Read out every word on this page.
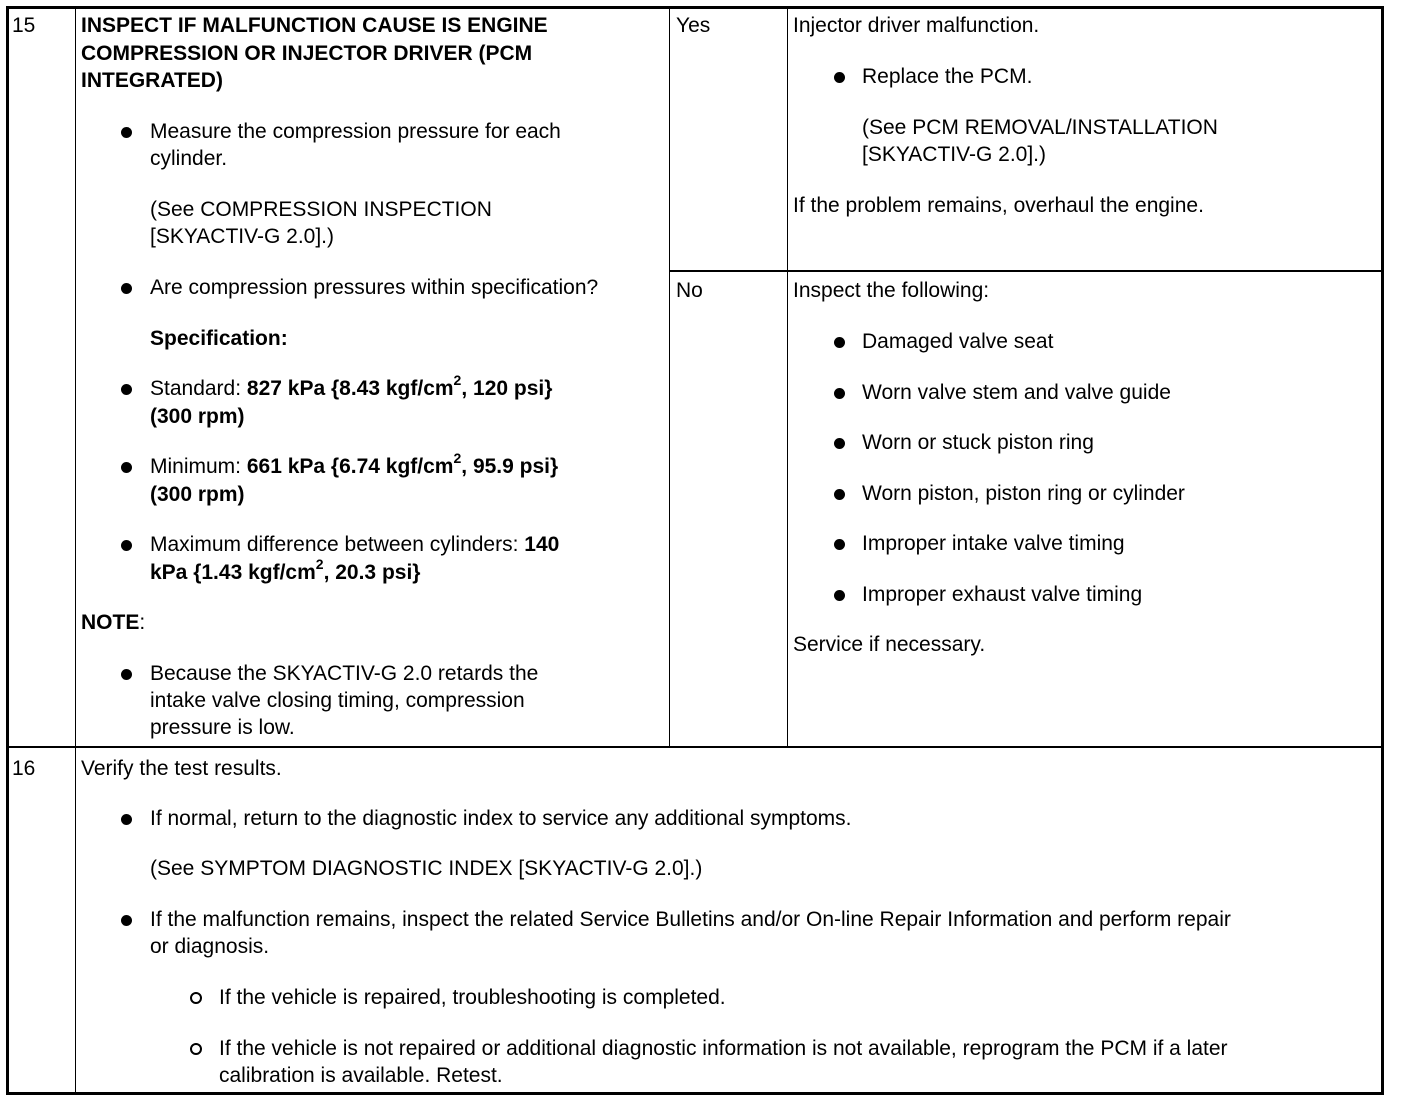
15 INSPECT IF MALFUNCTION CAUSE IS ENGINE
COMPRESSION OR INJECTOR DRIVER (PCM
INTEGRATED)
Measure the compression pressure for each
cylinder.
(See COMPRESSION INSPECTION
[SKYACTIV-G 2.0].)
Are compression pressures within specification?
Specification:
Standard: 827 kPa {8.43 kgf/$cm^2$, 120 psi}
(300 rpm)
Minimum: 661 kPa {6.74 kgf/$cm^2$, 95.9 psi}
(300 rpm)
Maximum difference between cylinders: 140
kPa {1.43 kgf/$cm^2$, 20.3 psi}
NOTE:
Because the SKYACTIV-G 2.0 retards the
intake valve closing timing, compression
pressure is low.
Yes	Injector driver malfunction.
Replace the PCM.
(See PCM REMOVAL/INSTALLATION
[SKYACTIV-G 2.0].)
If the problem remains, overhaul the engine.
No	Inspect the following:
Damaged valve seat
Worn valve stem and valve guide
Worn or stuck piston ring
Worn piston, piston ring or cylinder
Improper intake valve timing
Improper exhaust valve timing
Service if necessary.
16 Verify the test results.
If normal, return to the diagnostic index to service any additional symptoms.
(See SYMPTOM DIAGNOSTIC INDEX [SKYACTIV-G 2.0].)
If the malfunction remains, inspect the related Service Bulletins and/or On-line Repair Information and perform repair
or diagnosis.
If the vehicle is repaired, troubleshooting is completed.
If the vehicle is not repaired or additional diagnostic information is not available, reprogram the PCM if a later
calibration is available. Retest.
